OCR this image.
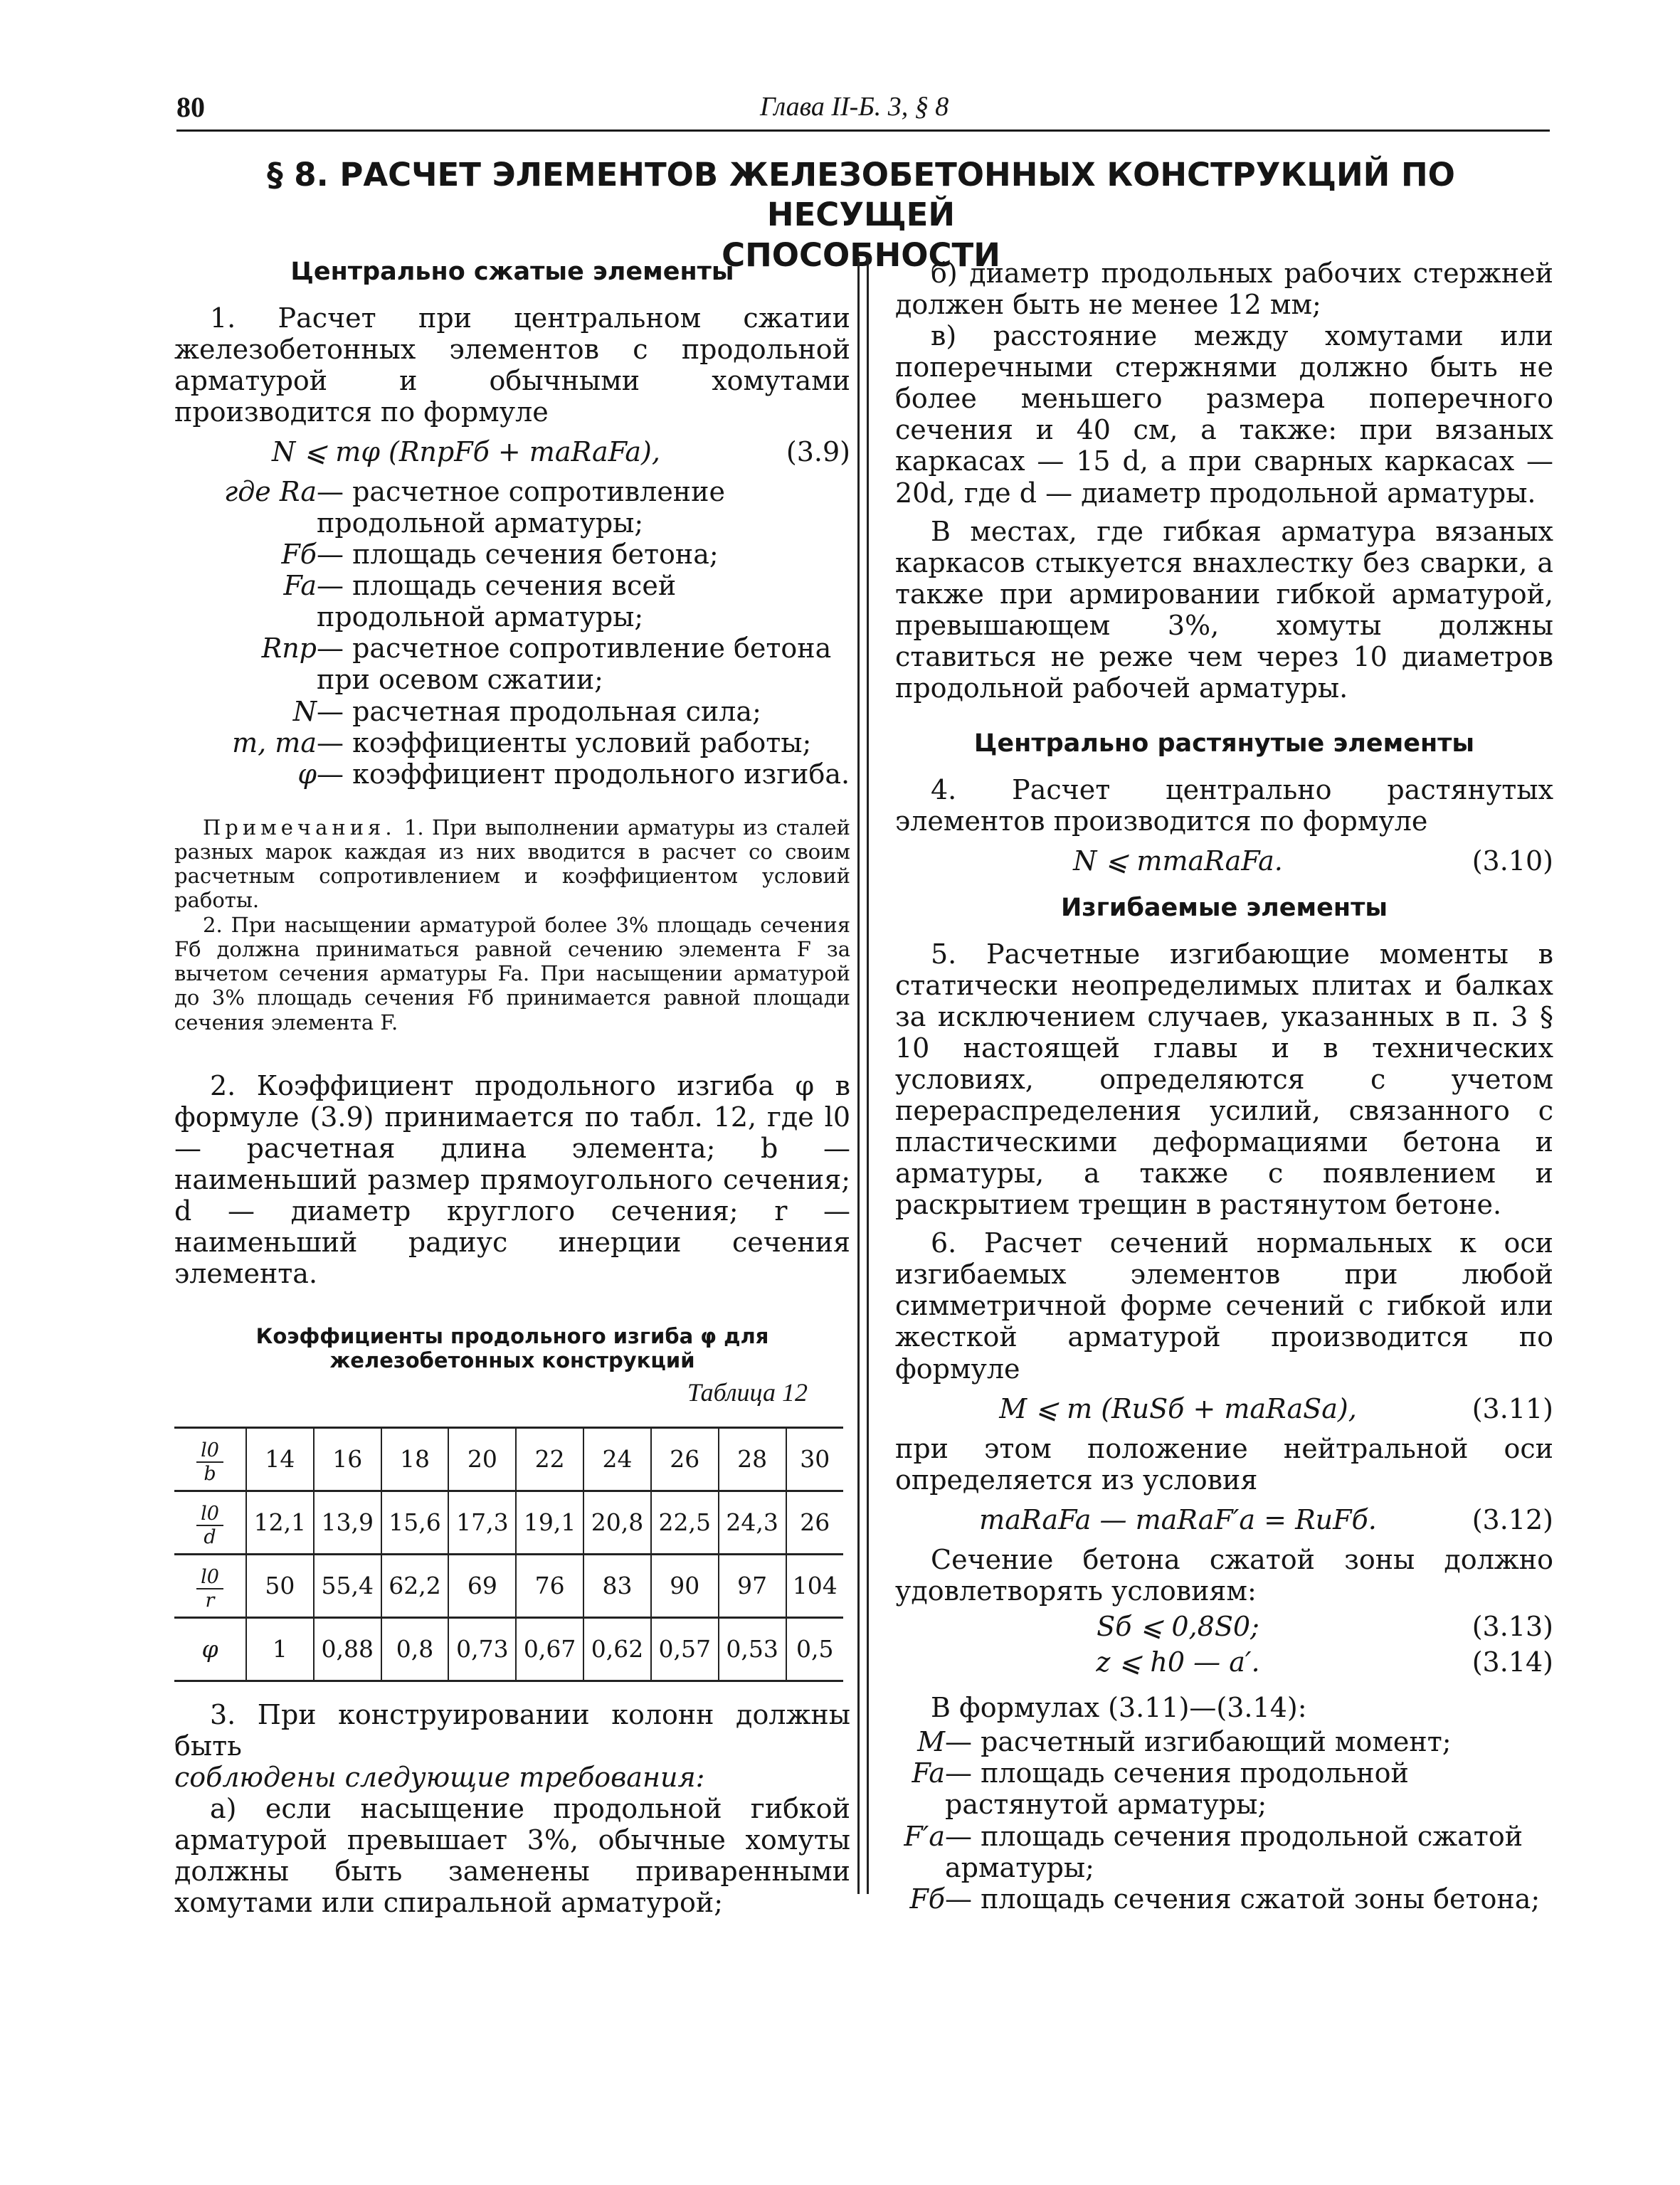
80	Глава II-Б. 3, § 8
§ 8. РАСЧЕТ ЭЛЕМЕНТОВ ЖЕЛЕЗОБЕТОННЫХ КОНСТРУКЦИЙ ПО НЕСУЩЕЙ
СПОСОБНОСТИ
Центрально сжатые элементы

1. Расчет при центральном сжатии железобетонных элементов с продольной арматурой и обычными хомутами производится по формуле

N ⩽ mφ (RпрFб + maRaFa),	(3.9)
где Ra — расчетное сопротивление продольной арматуры;
Fб — площадь сечения бетона;
Fa — площадь сечения всей продольной арматуры;
Rпр — расчетное сопротивление бетона при осевом сжатии;
N — расчетная продольная сила;
m, ma — коэффициенты условий работы;
φ — коэффициент продольного изгиба.

Примечания. 1. При выполнении арматуры из сталей разных марок каждая из них вводится в расчет со своим расчетным сопротивлением и коэффициентом условий работы.

2. При насыщении арматурой более 3% площадь сечения Fб должна приниматься равной сечению элемента F за вычетом сечения арматуры Fa. При насыщении арматурой до 3% площадь сечения Fб принимается равной площади сечения элемента F.

2. Коэффициент продольного изгиба φ в формуле (3.9) принимается по табл. 12, где l0— расчетная длина элемента; b — наименьший размер прямоугольного сечения; d — диаметр круглого сечения; r — наименьший радиус инерции сечения элемента.

Коэффициенты продольного изгиба φ для железобетонных конструкций
Таблица 12
$\frac{l0}{b}$	14	16	18	20	22	24	26	28	30

$\frac{l0}{d}$	12,1	13,9	15,6	17,3	19,1	20,8	22,5	24,3	26

$\frac{l0}{r}$	50	55,4	62,2	69	76	83	90	97	104
φ	1	0,88	0,8	0,73	0,67	0,62	0,57	0,53	0,5

3. При конструировании колонн должны быть

соблюдены следующие требования:

а) если насыщение продольной гибкой арматурой превышает 3%, обычные хомуты должны быть заменены приваренными хомутами или спиральной арматурой;

б) диаметр продольных рабочих стержней должен быть не менее 12 мм;

в) расстояние между хомутами или поперечными стержнями должно быть не более меньшего размера поперечного сечения и 40 см, а также: при вязаных каркасах — 15 d, а при сварных каркасах — 20d, где d — диаметр продольной арматуры.

В местах, где гибкая арматура вязаных каркасов стыкуется внахлестку без сварки, а также при армировании гибкой арматурой, превышающем 3%, хомуты должны ставиться не реже чем через 10 диаметров продольной рабочей арматуры.

Центрально растянутые элементы

4. Расчет центрально растянутых элементов производится по формуле

N ⩽ mmaRaFa.	(3.10)
Изгибаемые элементы

5. Расчетные изгибающие моменты в статически неопределимых плитах и балках за исключением случаев, указанных в п. 3 § 10 настоящей главы и в технических условиях, определяются с учетом перераспределения усилий, связанного с пластическими деформациями бетона и арматуры, а также с появлением и раскрытием трещин в растянутом бетоне.

6. Расчет сечений нормальных к оси изгибаемых элементов при любой симметричной форме сечений с гибкой или жесткой арматурой производится по формуле

M ⩽ m (RиSб + maRaSa),	(3.11)

при этом положение нейтральной оси определяется из условия

maRaFa — maRaF′a = RиFб.	(3.12)

Сечение бетона сжатой зоны должно удовлетворять условиям:

Sб ⩽ 0,8S0;	(3.13)
z ⩽ h0 — a′.	(3.14)

В формулах (3.11)—(3.14):

M — расчетный изгибающий момент;
Fa — площадь сечения продольной растянутой арматуры;
F′a — площадь сечения продольной сжатой арматуры;
Fб — площадь сечения сжатой зоны бетона;
